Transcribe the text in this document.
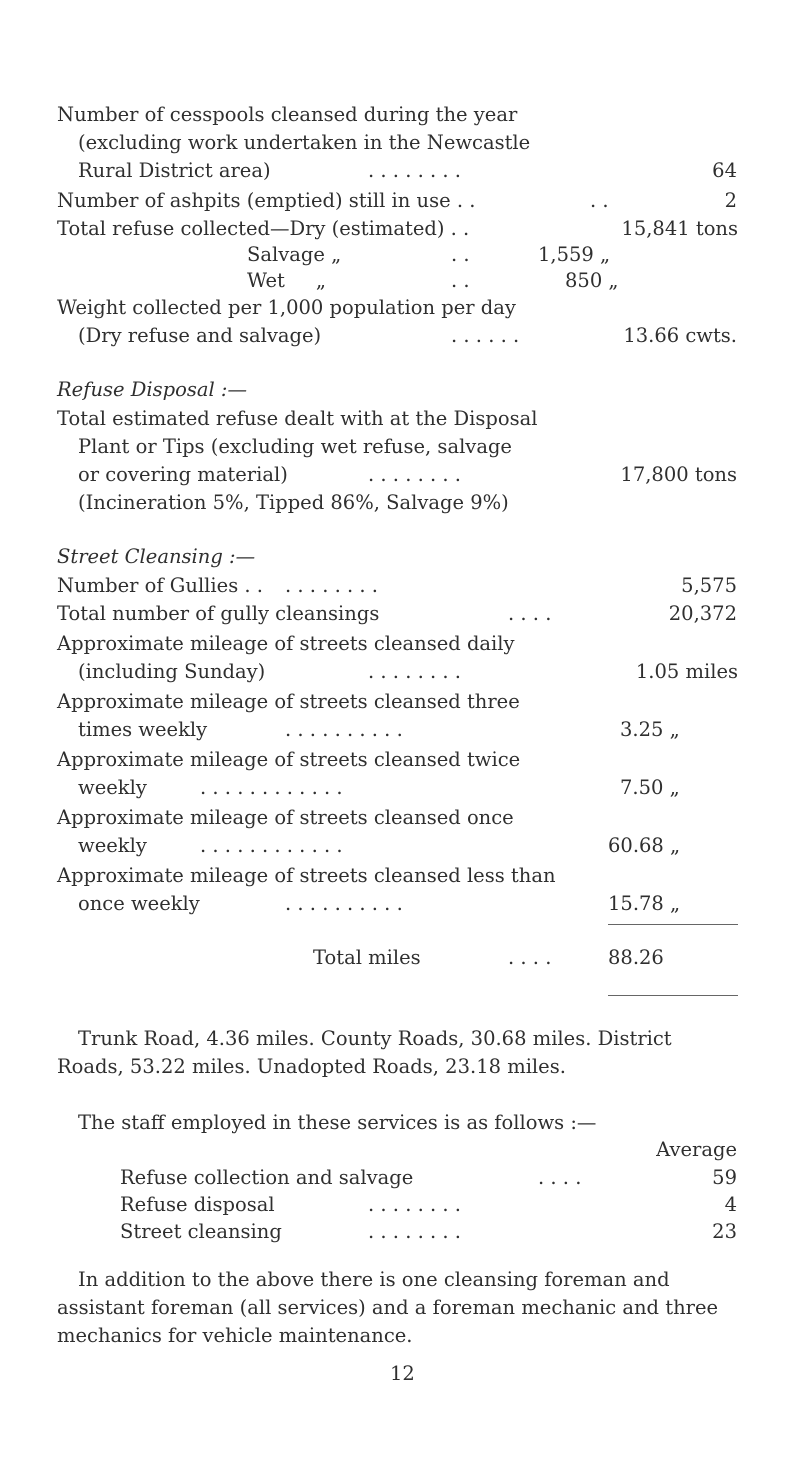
Number of cesspools cleansed during the year
(excluding work undertaken in the Newcastle
Rural District area)	. . . . . . . .	64
Number of ashpits (emptied) still in use . .	. .	2
Total refuse collected—Dry (estimated) . .	15,841 tons
Salvage „	. .	1,559 „
Wet     „	. .	850 „
Weight collected per 1,000 population per day
(Dry refuse and salvage)	. . . . . .	13.66 cwts.
Refuse Disposal :—
Total estimated refuse dealt with at the Disposal
Plant or Tips (excluding wet refuse, salvage
or covering material)	. . . . . . . .	17,800 tons
(Incineration 5%, Tipped 86%, Salvage 9%)
Street Cleansing :—
Number of Gullies . . . . . . . . . .	5,575
Total number of gully cleansings	. . . .	20,372
Approximate mileage of streets cleansed daily
(including Sunday)	. . . . . . . .	1.05 miles
Approximate mileage of streets cleansed three
times weekly	. . . . . . . . . .	3.25 „
Approximate mileage of streets cleansed twice
weekly	. . . . . . . . . . . .	7.50 „
Approximate mileage of streets cleansed once
weekly	. . . . . . . . . . . .	60.68 „
Approximate mileage of streets cleansed less than
once weekly	. . . . . . . . . .	15.78 „
Total miles	. . . .	88.26
Trunk Road, 4.36 miles. County Roads, 30.68 miles. District
Roads, 53.22 miles. Unadopted Roads, 23.18 miles.
The staff employed in these services is as follows :—
Average
Refuse collection and salvage	. . . .	59
Refuse disposal	. . . . . . . .	4
Street cleansing	. . . . . . . .	23
In addition to the above there is one cleansing foreman and
assistant foreman (all services) and a foreman mechanic and three
mechanics for vehicle maintenance.
12
